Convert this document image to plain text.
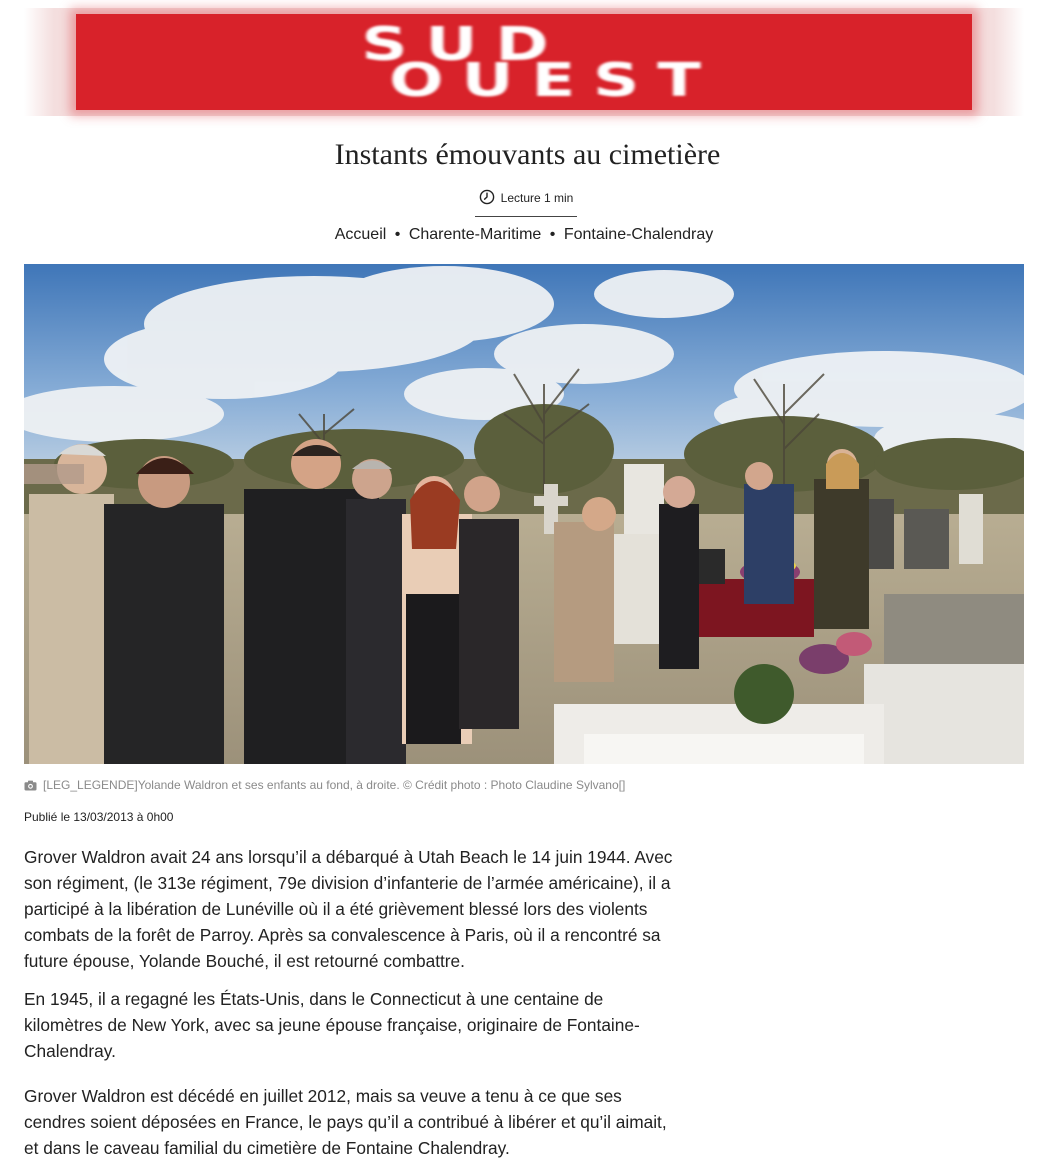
SUD
OUEST
Instants émouvants au cimetière
Lecture 1 min
Accueil • Charente-Maritime • Fontaine-Chalendray
[LEG_LEGENDE]Yolande Waldron et ses enfants au fond, à droite. © Crédit photo : Photo Claudine Sylvano[]
Publié le 13/03/2013 à 0h00

Grover Waldron avait 24 ans lorsqu’il a débarqué à Utah Beach le 14 juin 1944. Avec son régiment, (le 313e régiment, 79e division d’infanterie de l’armée américaine), il a participé à la libération de Lunéville où il a été grièvement blessé lors des violents combats de la forêt de Parroy. Après sa convalescence à Paris, où il a rencontré sa future épouse, Yolande Bouché, il est retourné combattre.

En 1945, il a regagné les États-Unis, dans le Connecticut à une centaine de kilomètres de New York, avec sa jeune épouse française, originaire de Fontaine-Chalendray.

Grover Waldron est décédé en juillet 2012, mais sa veuve a tenu à ce que ses cendres soient déposées en France, le pays qu’il a contribué à libérer et qu’il aimait, et dans le caveau familial du cimetière de Fontaine Chalendray.
